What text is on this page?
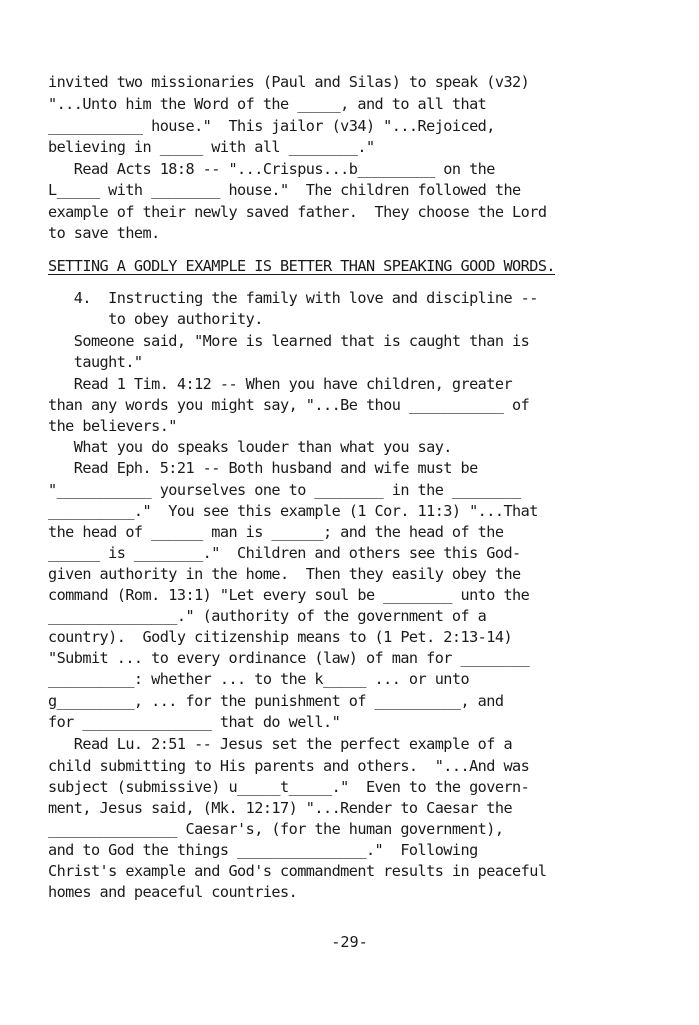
invited two missionaries (Paul and Silas) to speak (v32)
"...Unto him the Word of the _____, and to all that
___________ house."  This jailor (v34) "...Rejoiced,
believing in _____ with all ________."
Read Acts 18:8 -- "...Crispus...b_________ on the
L_____ with ________ house."  The children followed the
example of their newly saved father.  They choose the Lord
to save them.
SETTING A GODLY EXAMPLE IS BETTER THAN SPEAKING GOOD WORDS.
4.  Instructing the family with love and discipline --
to obey authority.
Someone said, "More is learned that is caught than is
taught."
Read 1 Tim. 4:12 -- When you have children, greater
than any words you might say, "...Be thou ___________ of
the believers."
What you do speaks louder than what you say.
Read Eph. 5:21 -- Both husband and wife must be
"___________ yourselves one to ________ in the ________
__________."  You see this example (1 Cor. 11:3) "...That
the head of ______ man is ______; and the head of the
______ is ________."  Children and others see this God-
given authority in the home.  Then they easily obey the
command (Rom. 13:1) "Let every soul be ________ unto the
_______________." (authority of the government of a
country).  Godly citizenship means to (1 Pet. 2:13-14)
"Submit ... to every ordinance (law) of man for ________
__________: whether ... to the k_____ ... or unto
g_________, ... for the punishment of __________, and
for _______________ that do well."
Read Lu. 2:51 -- Jesus set the perfect example of a
child submitting to His parents and others.  "...And was
subject (submissive) u_____t_____."  Even to the govern-
ment, Jesus said, (Mk. 12:17) "...Render to Caesar the
_______________ Caesar's, (for the human government),
and to God the things _______________."  Following
Christ's example and God's commandment results in peaceful
homes and peaceful countries.
-29-
